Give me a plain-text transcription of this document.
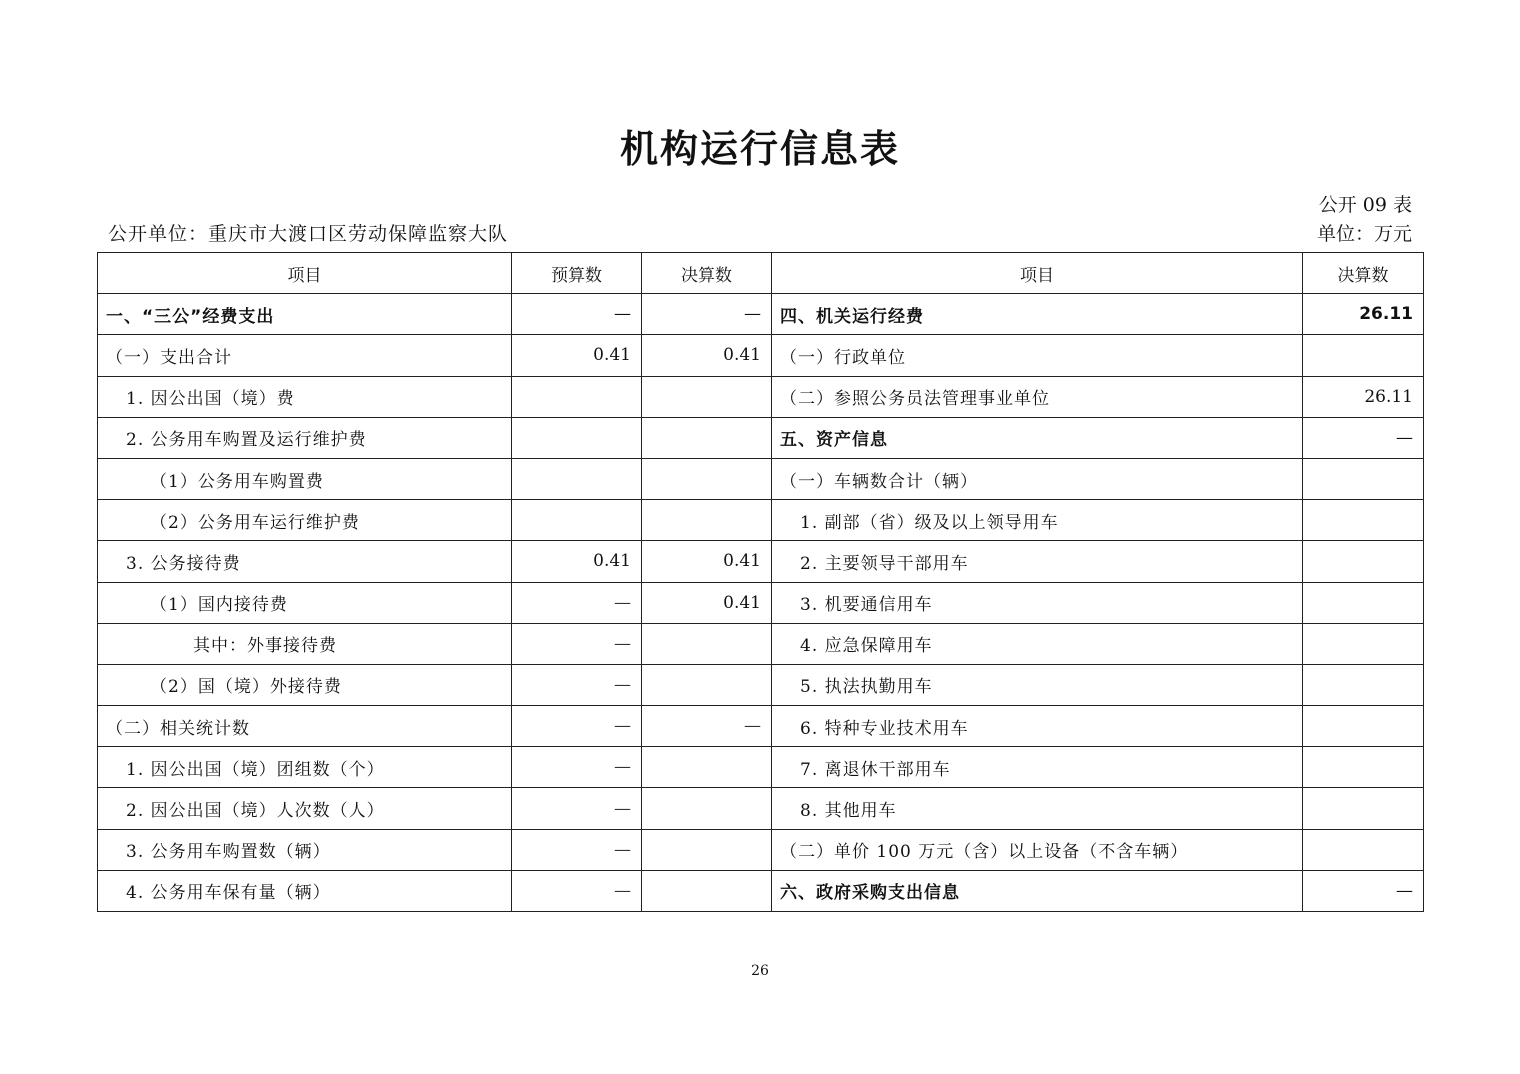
机构运行信息表
公开 09 表
公开单位：重庆市大渡口区劳动保障监察大队	单位：万元
项目	预算数	决算数	项目	决算数
一、“三公”经费支出	—	—	四、机关运行经费	26.11
（一）支出合计	0.41	0.41	（一）行政单位	
1. 因公出国（境）费			（二）参照公务员法管理事业单位	26.11
2. 公务用车购置及运行维护费			五、资产信息	—
（1）公务用车购置费			（一）车辆数合计（辆）	
（2）公务用车运行维护费			1. 副部（省）级及以上领导用车	
3. 公务接待费	0.41	0.41	2. 主要领导干部用车	
（1）国内接待费	—	0.41	3. 机要通信用车	
其中：外事接待费	—		4. 应急保障用车	
（2）国（境）外接待费	—		5. 执法执勤用车	
（二）相关统计数	—	—	6. 特种专业技术用车	
1. 因公出国（境）团组数（个）	—		7. 离退休干部用车	
2. 因公出国（境）人次数（人）	—		8. 其他用车	
3. 公务用车购置数（辆）	—		（二）单价 100 万元（含）以上设备（不含车辆）	
4. 公务用车保有量（辆）	—		六、政府采购支出信息	—
26
